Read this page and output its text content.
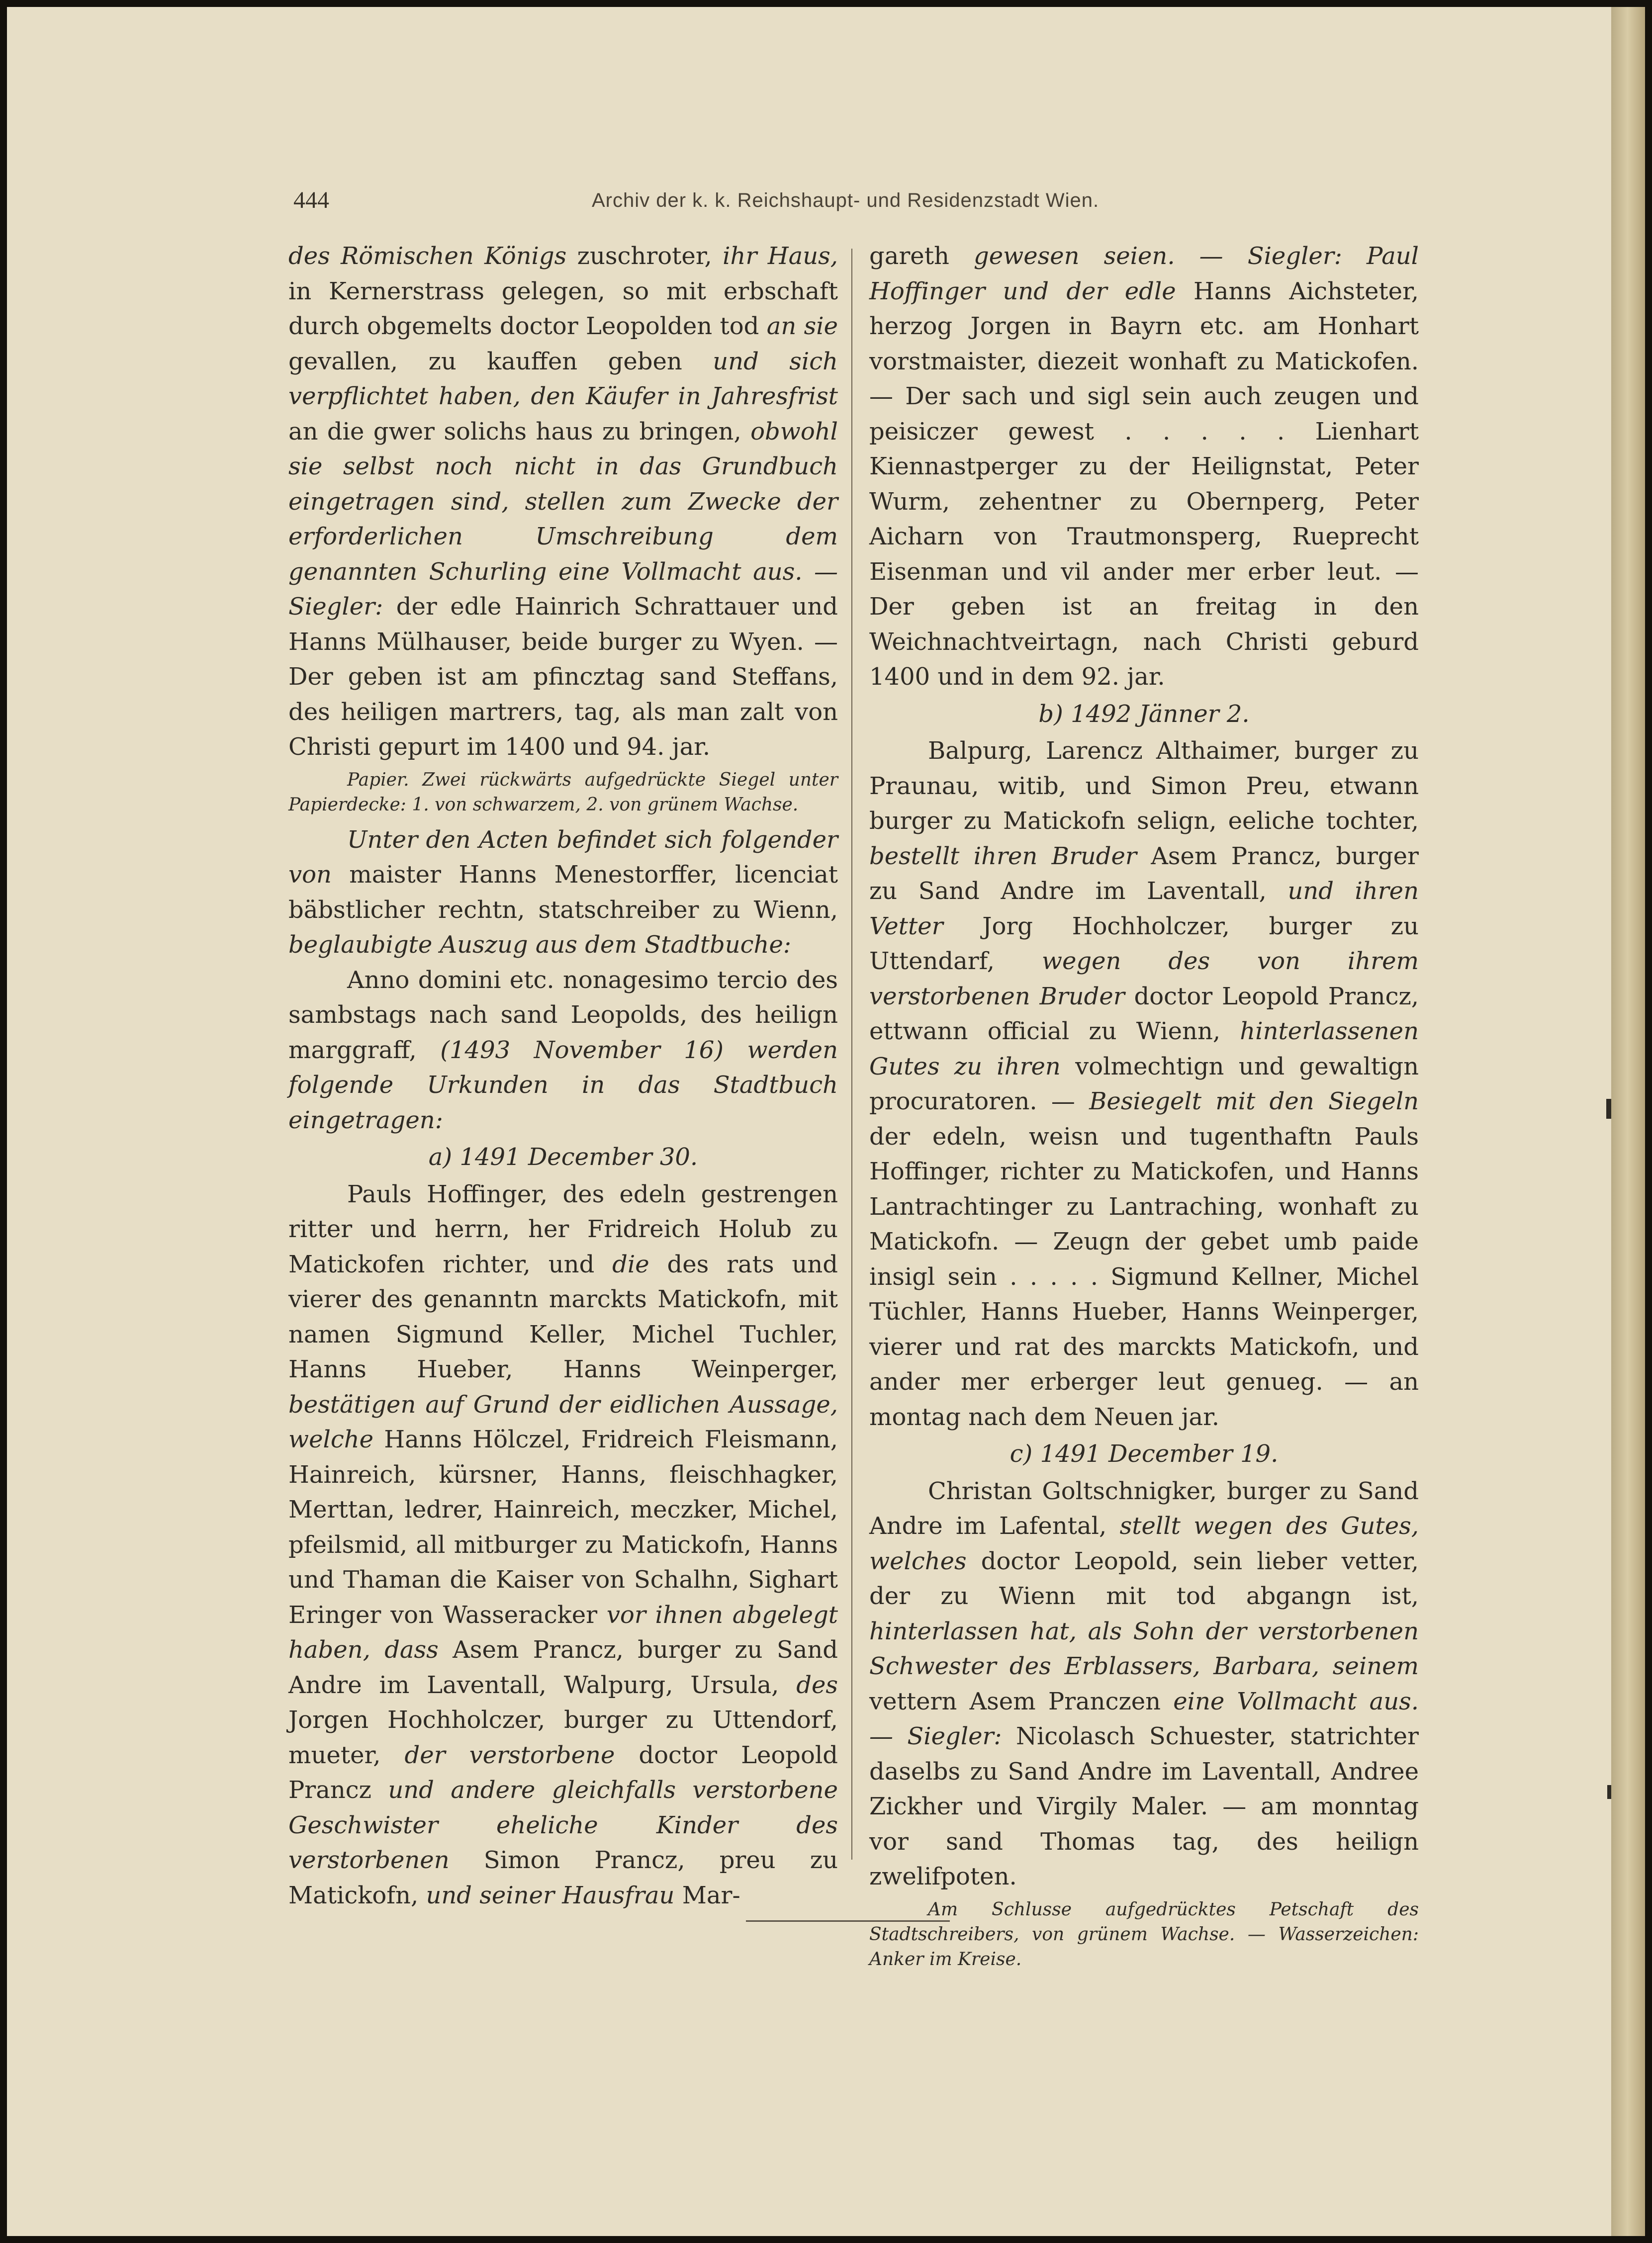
444	Archiv der k. k. Reichshaupt- und Residenzstadt Wien.

des Römischen Königs zuschroter, ihr Haus, in Kernerstrass gelegen, so mit erbschaft durch obgemelts doctor Leopolden tod an sie gevallen, zu kauffen geben und sich verpflichtet haben, den Käufer in Jahresfrist an die gwer solichs haus zu bringen, obwohl sie selbst noch nicht in das Grundbuch eingetragen sind, stellen zum Zwecke der erforderlichen Umschreibung dem genannten Schurling eine Vollmacht aus. — Siegler: der edle Hainrich Schrattauer und Hanns Mülhauser, beide burger zu Wyen. — Der geben ist am pfincztag sand Steffans, des heiligen martrers, tag, als man zalt von Christi gepurt im 1400 und 94. jar.

Papier. Zwei rückwärts aufgedrückte Siegel unter Papierdecke: 1. von schwarzem, 2. von grünem Wachse.

Unter den Acten befindet sich folgender von maister Hanns Menestorffer, licenciat bäbstlicher rechtn, statschreiber zu Wienn, beglaubigte Auszug aus dem Stadtbuche:

Anno domini etc. nonagesimo tercio des sambstags nach sand Leopolds, des heilign marggraff, (1493 November 16) werden folgende Urkunden in das Stadtbuch eingetragen:

a) 1491 December 30.

Pauls Hoffinger, des edeln gestrengen ritter und herrn, her Fridreich Holub zu Matickofen richter, und die des rats und vierer des genanntn marckts Matickofn, mit namen Sigmund Keller, Michel Tuchler, Hanns Hueber, Hanns Weinperger, bestätigen auf Grund der eidlichen Aussage, welche Hanns Hölczel, Fridreich Fleismann, Hainreich, kürsner, Hanns, fleischhagker, Merttan, ledrer, Hainreich, meczker, Michel, pfeilsmid, all mitburger zu Matickofn, Hanns und Thaman die Kaiser von Schalhn, Sighart Eringer von Wasseracker vor ihnen abgelegt haben, dass Asem Prancz, burger zu Sand Andre im Laventall, Walpurg, Ursula, des Jorgen Hochholczer, burger zu Uttendorf, mueter, der verstorbene doctor Leopold Prancz und andere gleichfalls verstorbene Geschwister eheliche Kinder des verstorbenen Simon Prancz, preu zu Matickofn, und seiner Hausfrau Mar-

gareth gewesen seien. — Siegler: Paul Hoffinger und der edle Hanns Aichsteter, herzog Jorgen in Bayrn etc. am Honhart vorstmaister, diezeit wonhaft zu Matickofen. — Der sach und sigl sein auch zeugen und peisiczer gewest . . . . . Lienhart Kiennastperger zu der Heilignstat, Peter Wurm, zehentner zu Obernperg, Peter Aicharn von Trautmonsperg, Rueprecht Eisenman und vil ander mer erber leut. — Der geben ist an freitag in den Weichnachtveirtagn, nach Christi geburd 1400 und in dem 92. jar.

b) 1492 Jänner 2.

Balpurg, Larencz Althaimer, burger zu Praunau, witib, und Simon Preu, etwann burger zu Matickofn selign, eeliche tochter, bestellt ihren Bruder Asem Prancz, burger zu Sand Andre im Laventall, und ihren Vetter Jorg Hochholczer, burger zu Uttendarf, wegen des von ihrem verstorbenen Bruder doctor Leopold Prancz, ettwann official zu Wienn, hinterlassenen Gutes zu ihren volmechtign und gewaltign procuratoren. — Besiegelt mit den Siegeln der edeln, weisn und tugenthaftn Pauls Hoffinger, richter zu Matickofen, und Hanns Lantrachtinger zu Lantraching, wonhaft zu Matickofn. — Zeugn der gebet umb paide insigl sein . . . . . Sigmund Kellner, Michel Tüchler, Hanns Hueber, Hanns Weinperger, vierer und rat des marckts Matickofn, und ander mer erberger leut genueg. — an montag nach dem Neuen jar.

c) 1491 December 19.

Christan Goltschnigker, burger zu Sand Andre im Lafental, stellt wegen des Gutes, welches doctor Leopold, sein lieber vetter, der zu Wienn mit tod abgangn ist, hinterlassen hat, als Sohn der verstorbenen Schwester des Erblassers, Barbara, seinem vettern Asem Pranczen eine Vollmacht aus. — Siegler: Nicolasch Schuester, statrichter daselbs zu Sand Andre im Laventall, Andree Zickher und Virgily Maler. — am monntag vor sand Thomas tag, des heilign zwelifpoten.

Am Schlusse aufgedrücktes Petschaft des Stadtschreibers, von grünem Wachse. — Wasserzeichen: Anker im Kreise.
